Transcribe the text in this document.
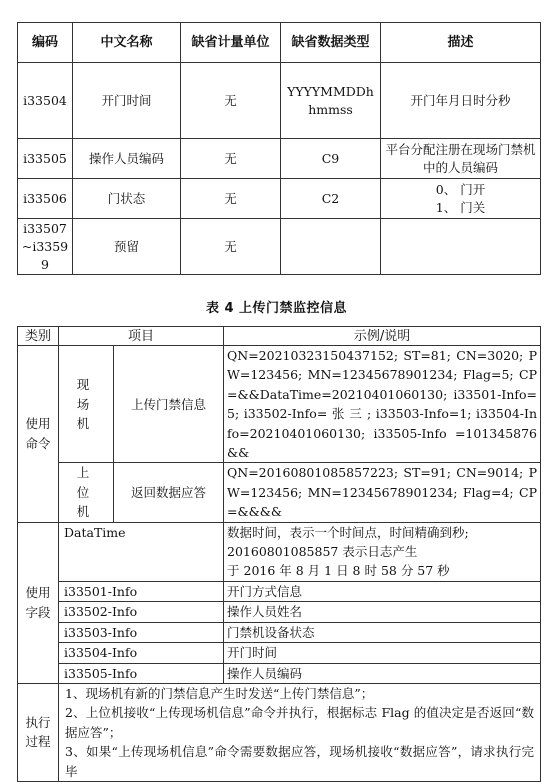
编码	中文名称	缺省计量单位	缺省数据类型	描述
i33504	开门时间	无	YYYYMMDDhhmmss	开门年月日时分秒
i33505	操作人员编码	无	C9	平台分配注册在现场门禁机中的人员编码
i33506	门状态	无	C2	0、 门开
1、 门关

i33507~i33599	预留	无		
表 4 上传门禁监控信息
类别	项目		示例/说明
使用命令	现场机	上传门禁信息	QN=20210323150437152; ST=81; CN=3020; PW=123456; MN=12345678901234; Flag=5; CP=&&DataTime=20210401060130; i33501-Info=5; i33502-Info= 张 三 ; i33503-Info=1; i33504-Info=20210401060130; i33505-Info =101345876&&
	上位机	返回数据应答	QN=20160801085857223; ST=91; CN=9014; PW=123456; MN=12345678901234; Flag=4; CP=&&&&
使用字段	DataTime		数据时间，表示一个时间点，时间精确到秒;
20160801085857 表示日志产生
于 2016 年 8 月 1 日 8 时 58 分 57 秒

	i33501-Info		开门方式信息
	i33502-Info		操作人员姓名
	i33503-Info		门禁机设备状态
	i33504-Info		开门时间
	i33505-Info		操作人员编码
执行过程	1、现场机有新的门禁信息产生时发送“上传门禁信息”；
2、上位机接收“上传现场机信息”命令并执行，根据标志 Flag 的值决定是否返回“数据应答”；
3、如果“上传现场机信息”命令需要数据应答，现场机接收“数据应答”，请求执行完毕		
